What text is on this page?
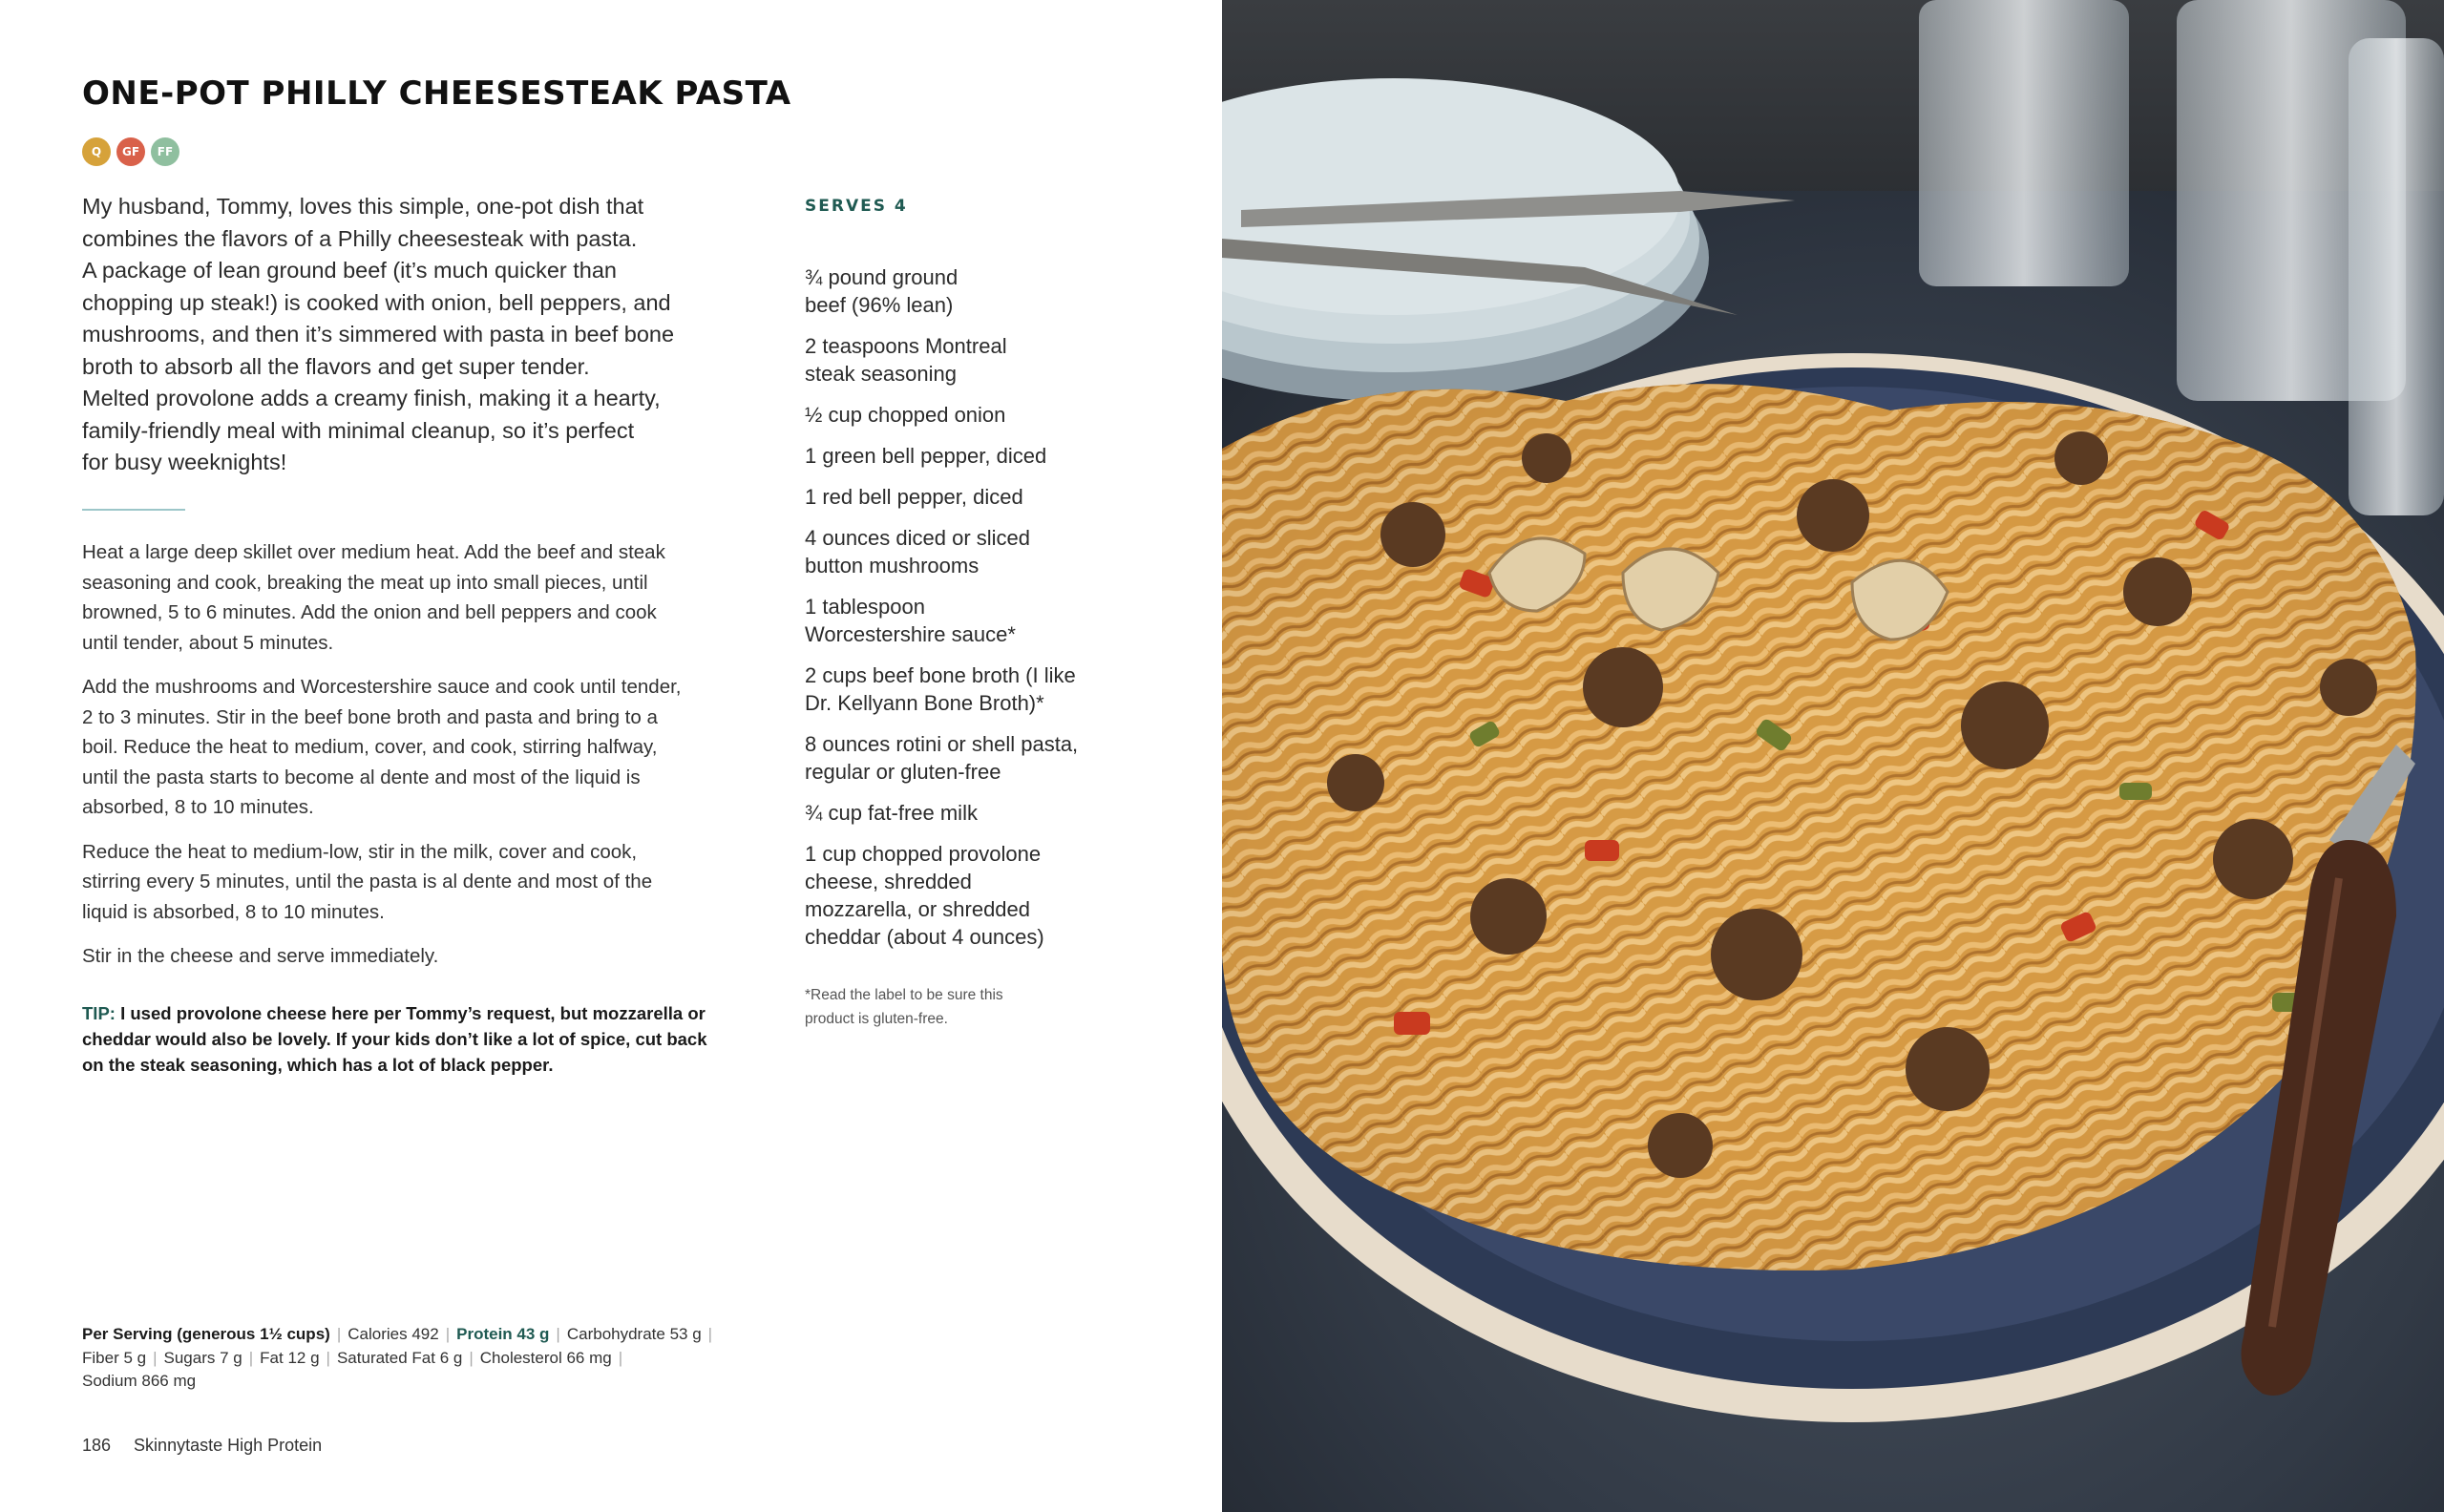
ONE-POT PHILLY CHEESESTEAK PASTA
Q	GF	FF
My husband, Tommy, loves this simple, one-pot dish that
combines the flavors of a Philly cheesesteak with pasta.
A package of lean ground beef (it’s much quicker than
chopping up steak!) is cooked with onion, bell peppers, and
mushrooms, and then it’s simmered with pasta in beef bone
broth to absorb all the flavors and get super tender.
Melted provolone adds a creamy finish, making it a hearty,
family-friendly meal with minimal cleanup, so it’s perfect
for busy weeknights!
Heat a large deep skillet over medium heat. Add the beef and steak
seasoning and cook, breaking the meat up into small pieces, until
browned, 5 to 6 minutes. Add the onion and bell peppers and cook
until tender, about 5 minutes.
Add the mushrooms and Worcestershire sauce and cook until tender,
2 to 3 minutes. Stir in the beef bone broth and pasta and bring to a
boil. Reduce the heat to medium, cover, and cook, stirring halfway,
until the pasta starts to become al dente and most of the liquid is
absorbed, 8 to 10 minutes.
Reduce the heat to medium-low, stir in the milk, cover and cook,
stirring every 5 minutes, until the pasta is al dente and most of the
liquid is absorbed, 8 to 10 minutes.
Stir in the cheese and serve immediately.
TIP: I used provolone cheese here per Tommy’s request, but mozzarella or
cheddar would also be lovely. If your kids don’t like a lot of spice, cut back
on the steak seasoning, which has a lot of black pepper.
SERVES 4
¾ pound ground
beef (96% lean)
2 teaspoons Montreal
steak seasoning
½ cup chopped onion
1 green bell pepper, diced
1 red bell pepper, diced
4 ounces diced or sliced
button mushrooms
1 tablespoon
Worcestershire sauce*
2 cups beef bone broth (I like
Dr. Kellyann Bone Broth)*
8 ounces rotini or shell pasta,
regular or gluten-free
¾ cup fat-free milk
1 cup chopped provolone
cheese, shredded
mozzarella, or shredded
cheddar (about 4 ounces)
*Read the label to be sure this
product is gluten-free.
Per Serving (generous 1½ cups) | Calories 492 | Protein 43 g | Carbohydrate 53 g |
Fiber 5 g | Sugars 7 g | Fat 12 g | Saturated Fat 6 g | Cholesterol 66 mg |
Sodium 866 mg
186 Skinnytaste High Protein
